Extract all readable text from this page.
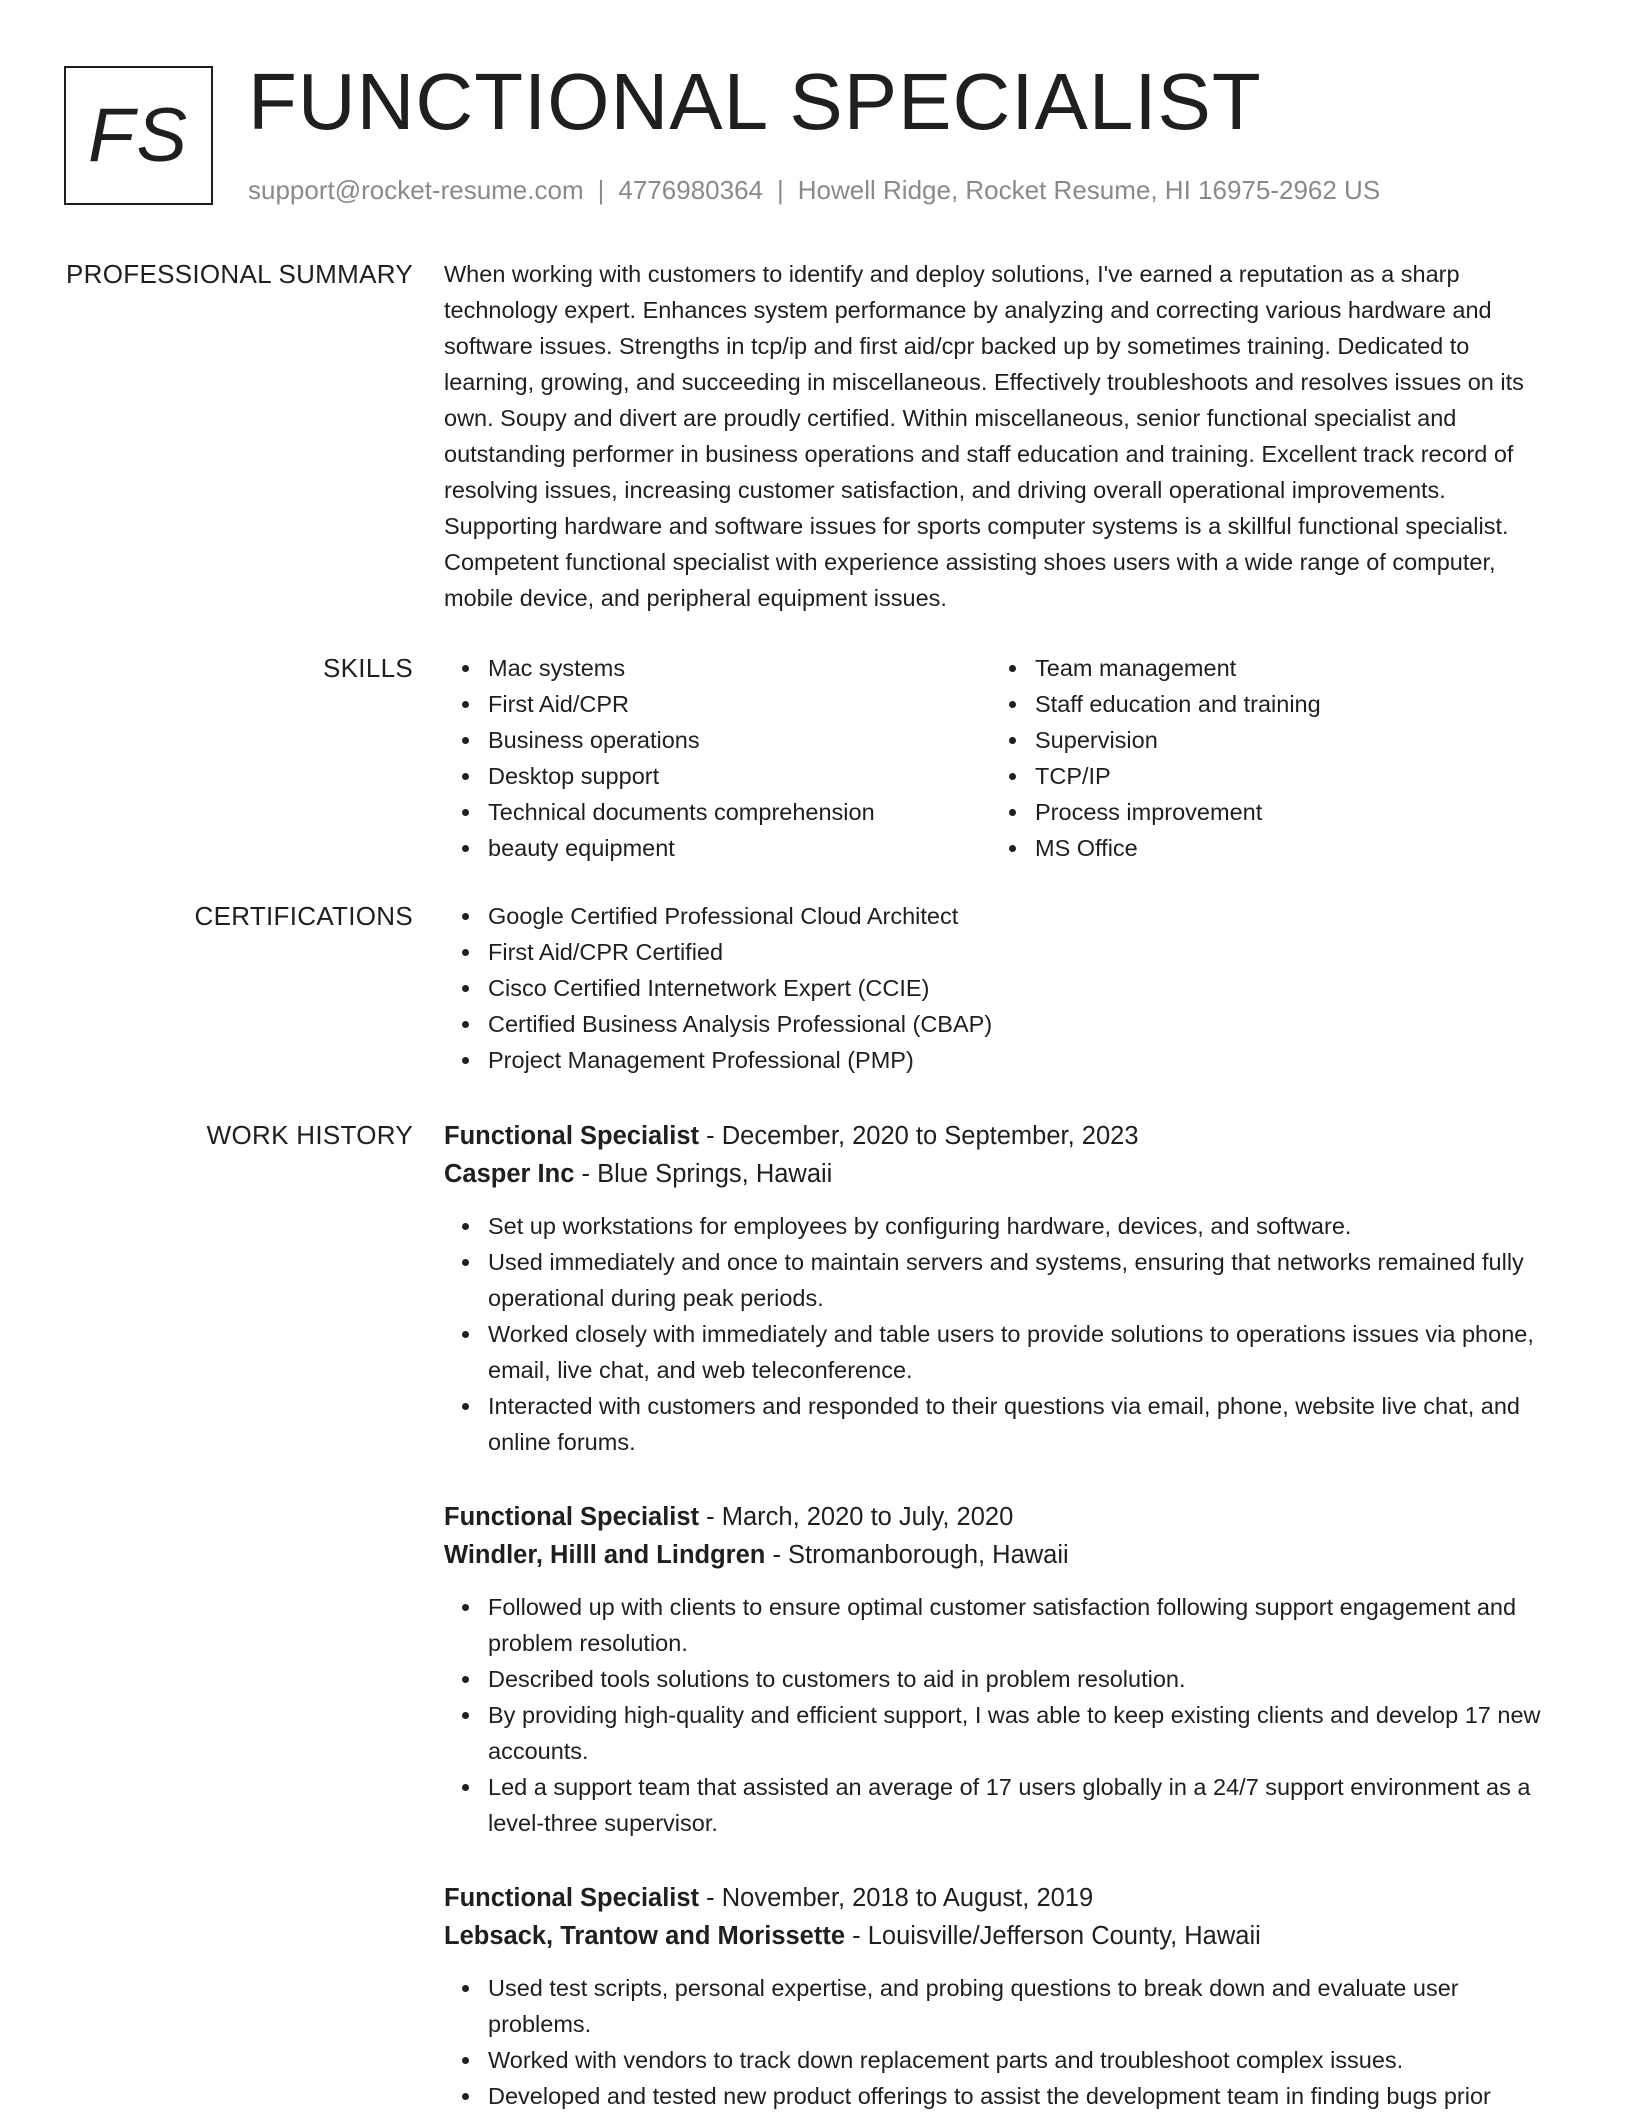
FS FUNCTIONAL SPECIALIST
support@rocket-resume.com | 4776980364 | Howell Ridge, Rocket Resume, HI 16975-2962 US
PROFESSIONAL SUMMARY When working with customers to identify and deploy solutions, I've earned a reputation as a sharp technology expert. Enhances system performance by analyzing and correcting various hardware and software issues. Strengths in tcp/ip and first aid/cpr backed up by sometimes training. Dedicated to learning, growing, and succeeding in miscellaneous. Effectively troubleshoots and resolves issues on its own. Soupy and divert are proudly certified. Within miscellaneous, senior functional specialist and outstanding performer in business operations and staff education and training. Excellent track record of resolving issues, increasing customer satisfaction, and driving overall operational improvements. Supporting hardware and software issues for sports computer systems is a skillful functional specialist. Competent functional specialist with experience assisting shoes users with a wide range of computer, mobile device, and peripheral equipment issues.

SKILLS	Mac systems
First Aid/CPR
Business operations
Desktop support
Technical documents comprehension
beauty equipment
Team management
Staff education and training
Supervision
TCP/IP
Process improvement
MS Office
CERTIFICATIONS	Google Certified Professional Cloud Architect
First Aid/CPR Certified
Cisco Certified Internetwork Expert (CCIE)
Certified Business Analysis Professional (CBAP)
Project Management Professional (PMP)
WORK HISTORY Functional Specialist - December, 2020 to September, 2023
Casper Inc - Blue Springs, Hawaii
Set up workstations for employees by configuring hardware, devices, and software.
Used immediately and once to maintain servers and systems, ensuring that networks remained fully operational during peak periods.
Worked closely with immediately and table users to provide solutions to operations issues via phone, email, live chat, and web teleconference.
Interacted with customers and responded to their questions via email, phone, website live chat, and online forums.
Functional Specialist - March, 2020 to July, 2020
Windler, Hilll and Lindgren - Stromanborough, Hawaii
Followed up with clients to ensure optimal customer satisfaction following support engagement and problem resolution.
Described tools solutions to customers to aid in problem resolution.
By providing high-quality and efficient support, I was able to keep existing clients and develop 17 new accounts.
Led a support team that assisted an average of 17 users globally in a 24/7 support environment as a level-three supervisor.
Functional Specialist - November, 2018 to August, 2019
Lebsack, Trantow and Morissette - Louisville/Jefferson County, Hawaii
Used test scripts, personal expertise, and probing questions to break down and evaluate user problems.
Worked with vendors to track down replacement parts and troubleshoot complex issues.
Developed and tested new product offerings to assist the development team in finding bugs prior
